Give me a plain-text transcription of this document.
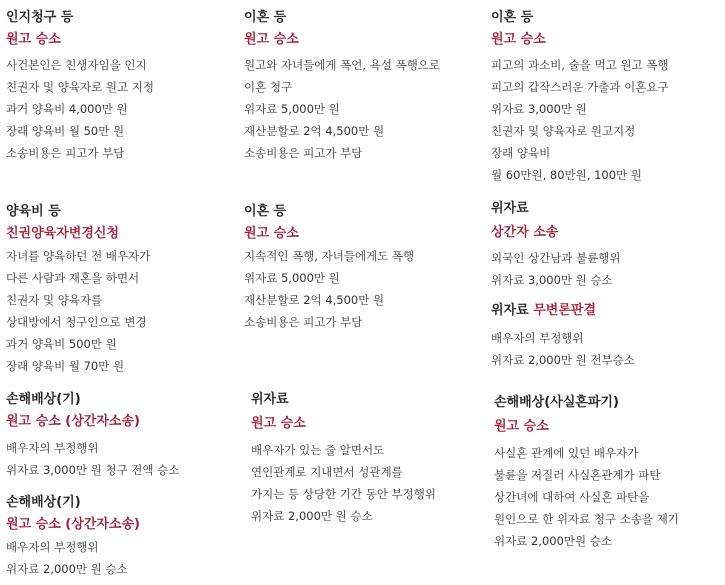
인지청구 등
원고 승소
사건본인은 친생자임을 인지
친권자 및 양육자로 원고 지정
과거 양육비 4,000만 원
장래 양육비 월 50만 원
소송비용은 피고가 부담
이혼 등
원고 승소
원고와 자녀들에게 폭언, 욕설 폭행으로
이혼 청구
위자료 5,000만 원
재산분할로 2억 4,500만 원
소송비용은 피고가 부담
이혼 등
원고 승소
피고의 과소비, 술을 먹고 원고 폭행
피고의 갑작스러운 가출과 이혼요구
위자료 3,000만 원
친권자 및 양육자로 원고지정
장래 양육비
월 60만원, 80만원, 100만 원
양육비 등
친권양육자변경신청
자녀를 양육하던 전 배우자가
다른 사람과 재혼을 하면서
친권자 및 양육자를
상대방에서 청구인으로 변경
과거 양육비 500만 원
장래 양육비 월 70만 원
이혼 등
원고 승소
지속적인 폭행, 자녀들에게도 폭행
위자료 5,000만 원
재산분할로 2억 4,500만 원
소송비용은 피고가 부담
위자료
상간자 소송
외국인 상간남과 불륜행위
위자료 3,000만 원 승소
위자료 무변론판결
배우자의 부정행위
위자료 2,000만 원 전부승소
손해배상(기)
원고 승소 (상간자소송)
배우자의 부정행위
위자료 3,000만 원 청구 전액 승소
손해배상(기)
원고 승소 (상간자소송)
배우자의 부정행위
위자료 2,000만 원 승소
위자료
원고 승소
배우자가 있는 줄 알면서도
연인관계로 지내면서 성관계를
가지는 등 상당한 기간 동안 부정행위
위자료 2,000만 원 승소
손해배상(사실혼파기)
원고 승소
사실혼 관계에 있던 배우자가
불륜을 저질러 사실혼관계가 파탄
상간녀에 대하여 사실혼 파탄을
원인으로 한 위자료 청구 소송을 제기
위자료 2,000만원 승소
